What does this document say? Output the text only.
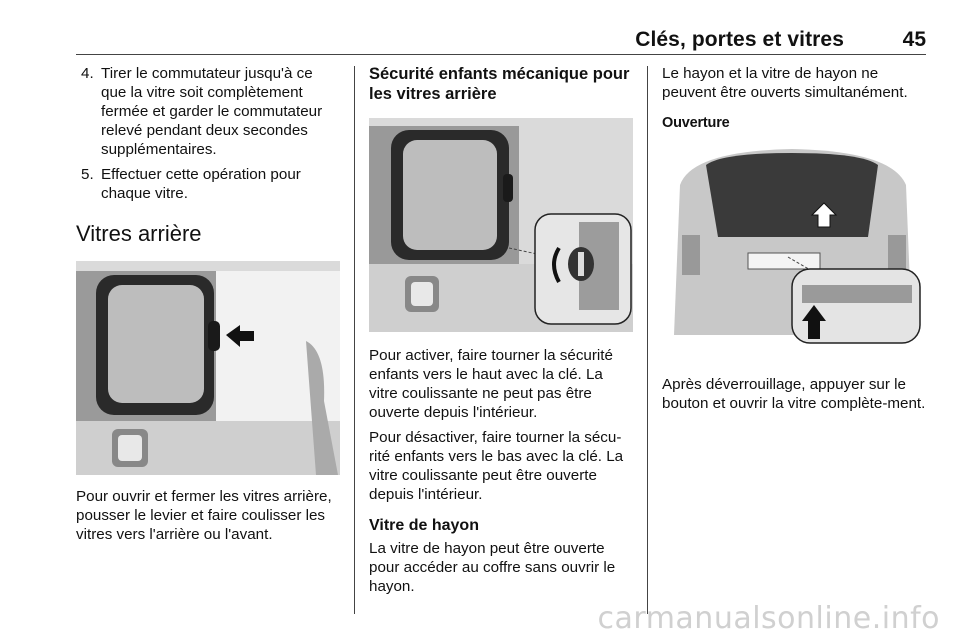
Clés, portes et vitres	45
4. Tirer le commutateur jusqu'à ce que la vitre soit complètement fermée et garder le commutateur relevé pendant deux secondes supplémentaires.
5. Effectuer cette opération pour chaque vitre.
Vitres arrière

Pour ouvrir et fermer les vitres arrière, pousser le levier et faire coulisser les vitres vers l'arrière ou l'avant.

Sécurité enfants mécanique pour les vitres arrière

Pour activer, faire tourner la sécurité enfants vers le haut avec la clé. La vitre coulissante ne peut pas être ouverte depuis l'intérieur.

Pour désactiver, faire tourner la sécu-rité enfants vers le bas avec la clé. La vitre coulissante peut être ouverte depuis l'intérieur.

Vitre de hayon

La vitre de hayon peut être ouverte pour accéder au coffre sans ouvrir le hayon.

Le hayon et la vitre de hayon ne peuvent être ouverts simultanément.

Ouverture

Après déverrouillage, appuyer sur le bouton et ouvrir la vitre complète-ment.

carmanualsonline.info
